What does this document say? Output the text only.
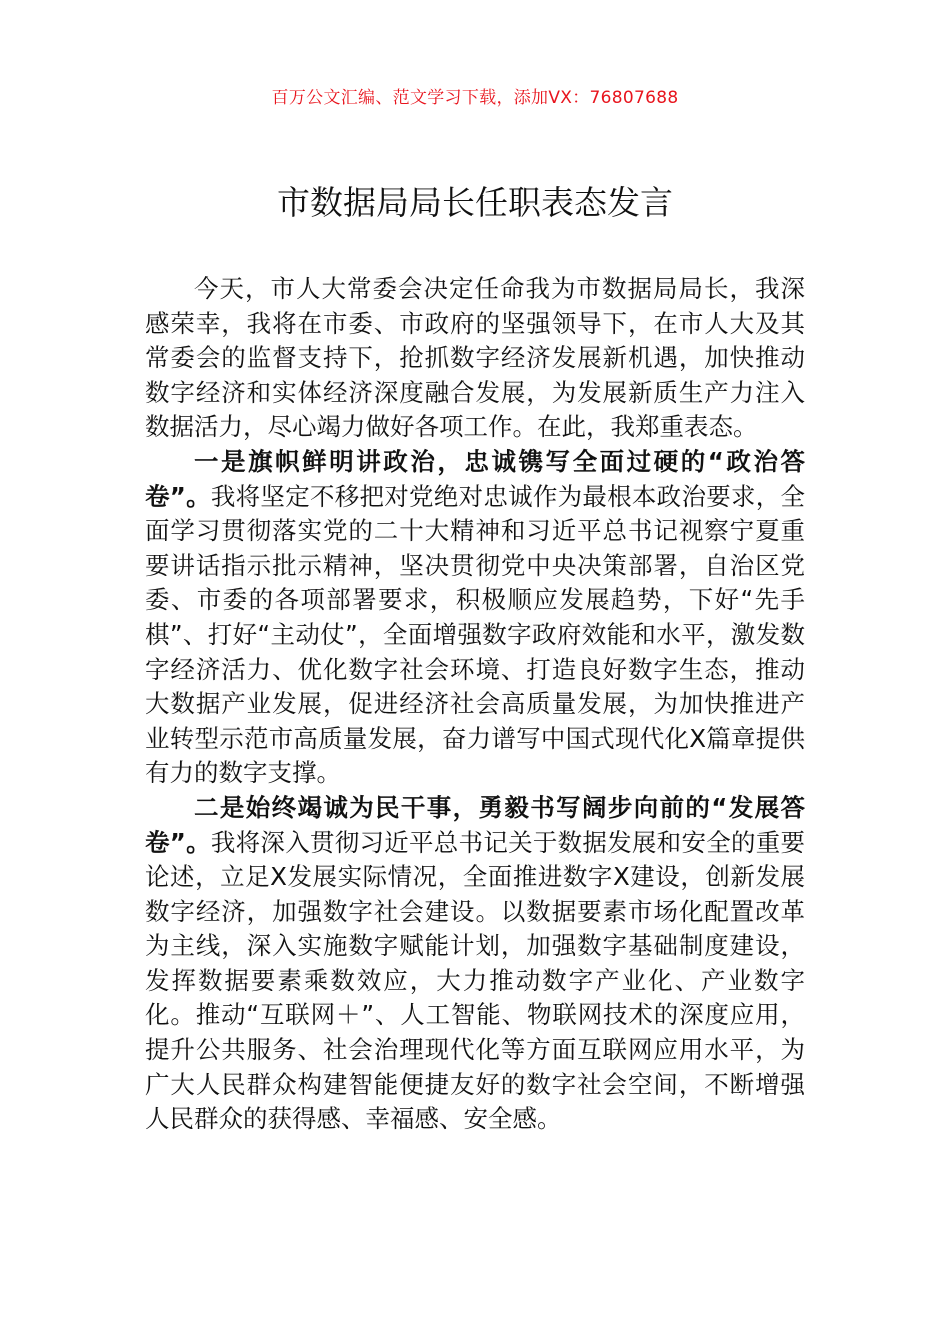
百万公文汇编、范文学习下载，添加VX：76807688
市数据局局长任职表态发言

今天，市人大常委会决定任命我为市数据局局长，我深感荣幸，我将在市委、市政府的坚强领导下，在市人大及其常委会的监督支持下，抢抓数字经济发展新机遇，加快推动数字经济和实体经济深度融合发展，为发展新质生产力注入数据活力，尽心竭力做好各项工作。在此，我郑重表态。

一是旗帜鲜明讲政治，忠诚镌写全面过硬的“政治答卷”。我将坚定不移把对党绝对忠诚作为最根本政治要求，全面学习贯彻落实党的二十大精神和习近平总书记视察宁夏重要讲话指示批示精神，坚决贯彻党中央决策部署，自治区党委、市委的各项部署要求，积极顺应发展趋势，下好“先手棋”、打好“主动仗”，全面增强数字政府效能和水平，激发数字经济活力、优化数字社会环境、打造良好数字生态，推动大数据产业发展，促进经济社会高质量发展，为加快推进产业转型示范市高质量发展，奋力谱写中国式现代化X篇章提供有力的数字支撑。

二是始终竭诚为民干事，勇毅书写阔步向前的“发展答卷”。我将深入贯彻习近平总书记关于数据发展和安全的重要论述，立足X发展实际情况，全面推进数字X建设，创新发展数字经济，加强数字社会建设。以数据要素市场化配置改革为主线，深入实施数字赋能计划，加强数字基础制度建设，发挥数据要素乘数效应，大力推动数字产业化、产业数字化。推动“互联网＋”、人工智能、物联网技术的深度应用，提升公共服务、社会治理现代化等方面互联网应用水平，为广大人民群众构建智能便捷友好的数字社会空间，不断增强人民群众的获得感、幸福感、安全感。
